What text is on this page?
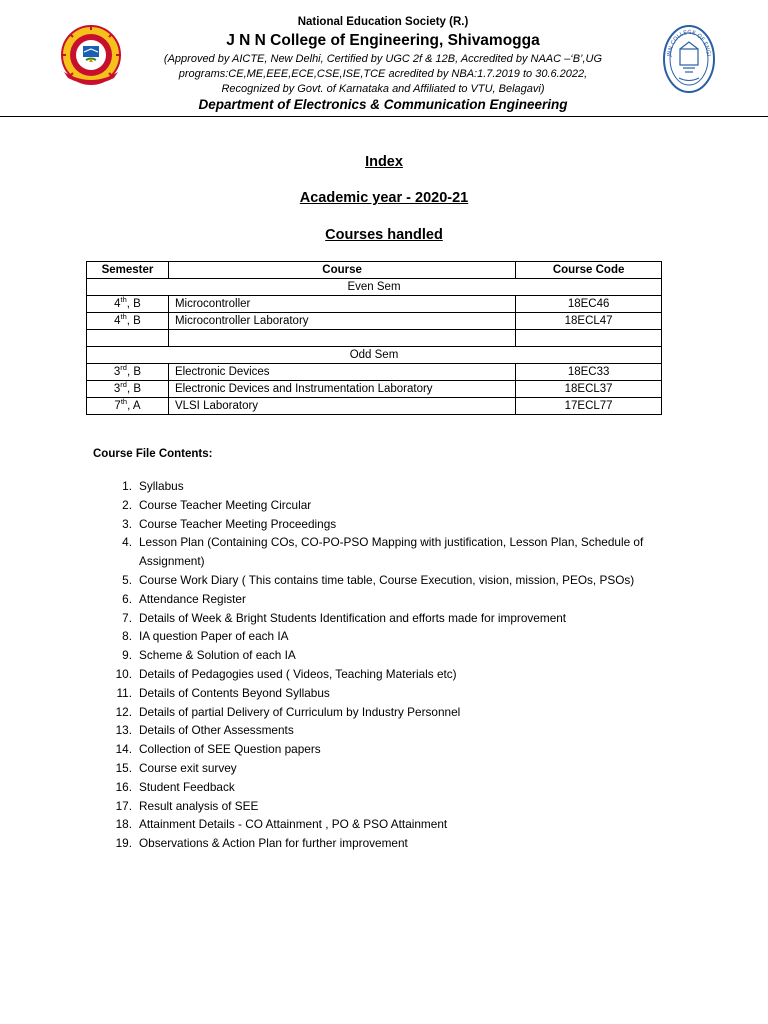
National Education Society (R.)
J N N College of Engineering, Shivamogga
(Approved by AICTE, New Delhi, Certified by UGC 2f & 12B, Accredited by NAAC –‘B’,UG
programs:CE,ME,EEE,ECE,CSE,ISE,TCE acredited by NBA:1.7.2019 to 30.6.2022,
Recognized by Govt. of Karnataka and Affiliated to VTU, Belagavi)
Department of Electronics & Communication Engineering
JNN COLLEGE OF ENGI
Index
Academic year - 2020-21
Courses handled
Semester	Course	Course Code
Even Sem		
4th, B	Microcontroller	18EC46
4th, B	Microcontroller Laboratory	18ECL47

Odd Sem		
3rd, B	Electronic Devices	18EC33
3rd, B	Electronic Devices and Instrumentation Laboratory	18ECL37
7th, A	VLSI Laboratory	17ECL77
Course File Contents:
1. Syllabus
2. Course Teacher Meeting Circular
3. Course Teacher Meeting Proceedings
4. Lesson Plan (Containing COs, CO-PO-PSO Mapping with justification, Lesson Plan, Schedule of Assignment)
5. Course Work Diary ( This contains time table, Course Execution, vision, mission, PEOs, PSOs)
6. Attendance Register
7. Details of Week & Bright Students Identification and efforts made for improvement
8. IA question Paper of each IA
9. Scheme & Solution of each IA
10. Details of Pedagogies used ( Videos, Teaching Materials etc)
11. Details of Contents Beyond Syllabus
12. Details of partial Delivery of Curriculum by Industry Personnel
13. Details of Other Assessments
14. Collection of SEE Question papers
15. Course exit survey
16. Student Feedback
17. Result analysis of SEE
18. Attainment Details - CO Attainment , PO & PSO Attainment
19. Observations & Action Plan for further improvement
